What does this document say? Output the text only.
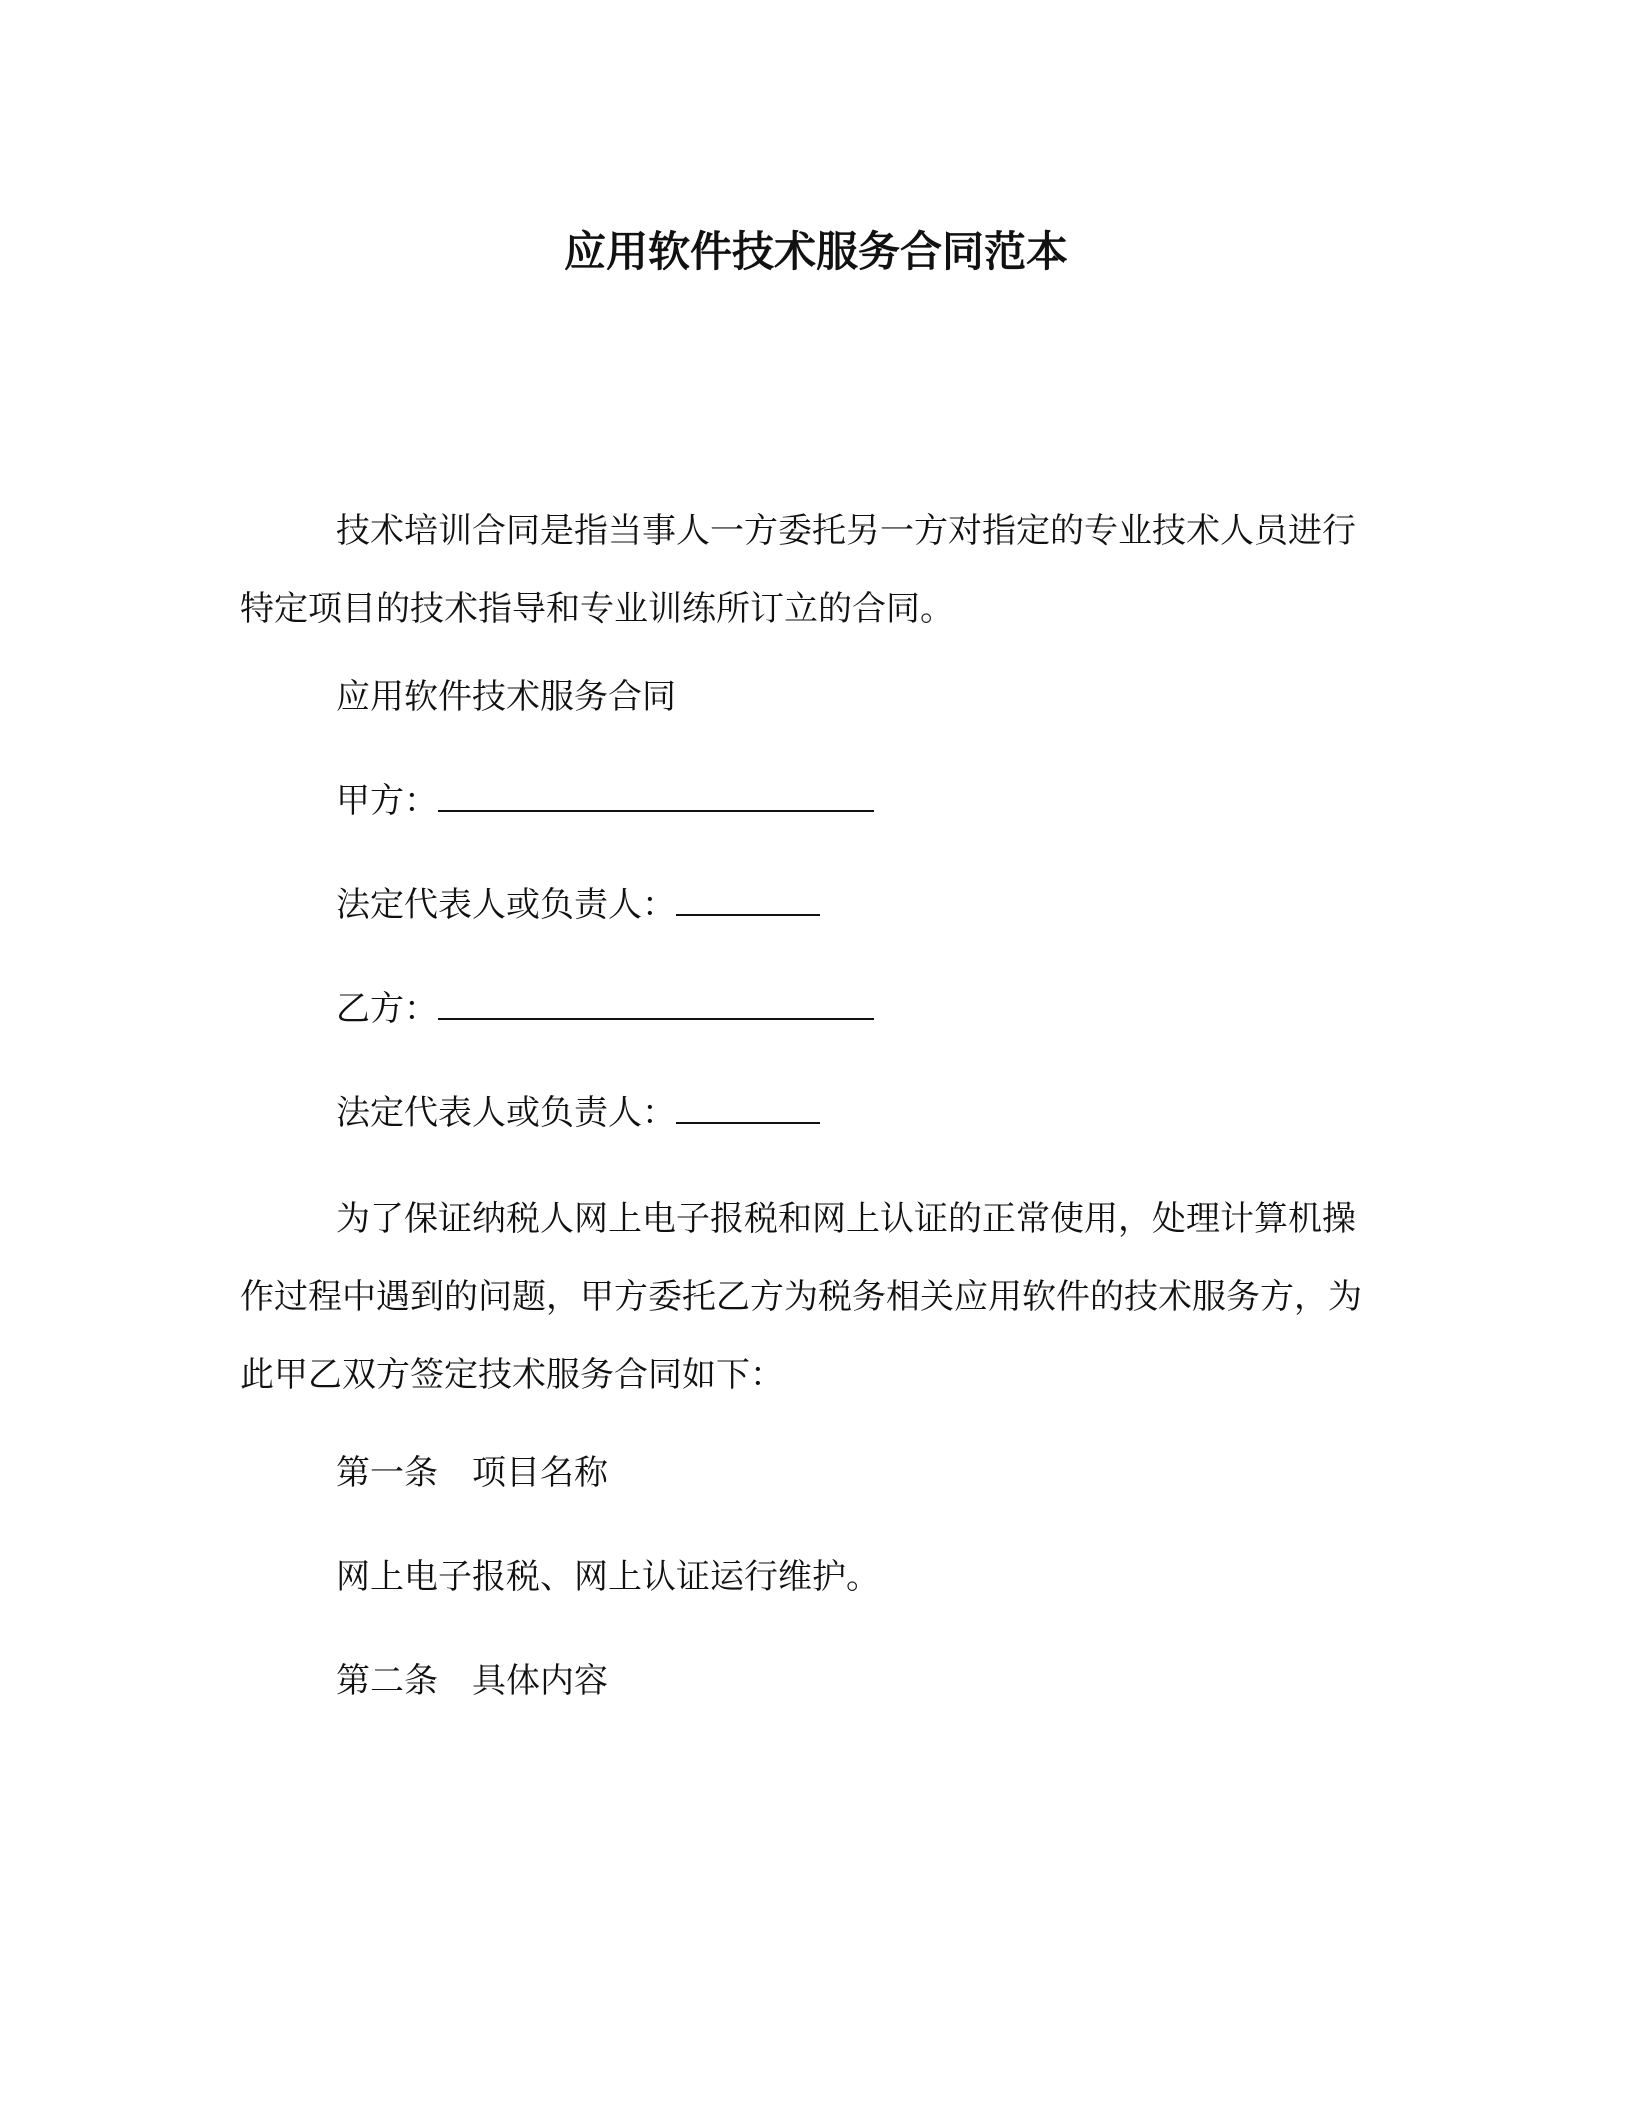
应用软件技术服务合同范本

技术培训合同是指当事人一方委托另一方对指定的专业技术人员进行特定项目的技术指导和专业训练所订立的合同。

应用软件技术服务合同
甲方：
法定代表人或负责人：
乙方：
法定代表人或负责人：

为了保证纳税人网上电子报税和网上认证的正常使用，处理计算机操作过程中遇到的问题，甲方委托乙方为税务相关应用软件的技术服务方，为此甲乙双方签定技术服务合同如下：

第一条　项目名称
网上电子报税、网上认证运行维护。
第二条　具体内容
